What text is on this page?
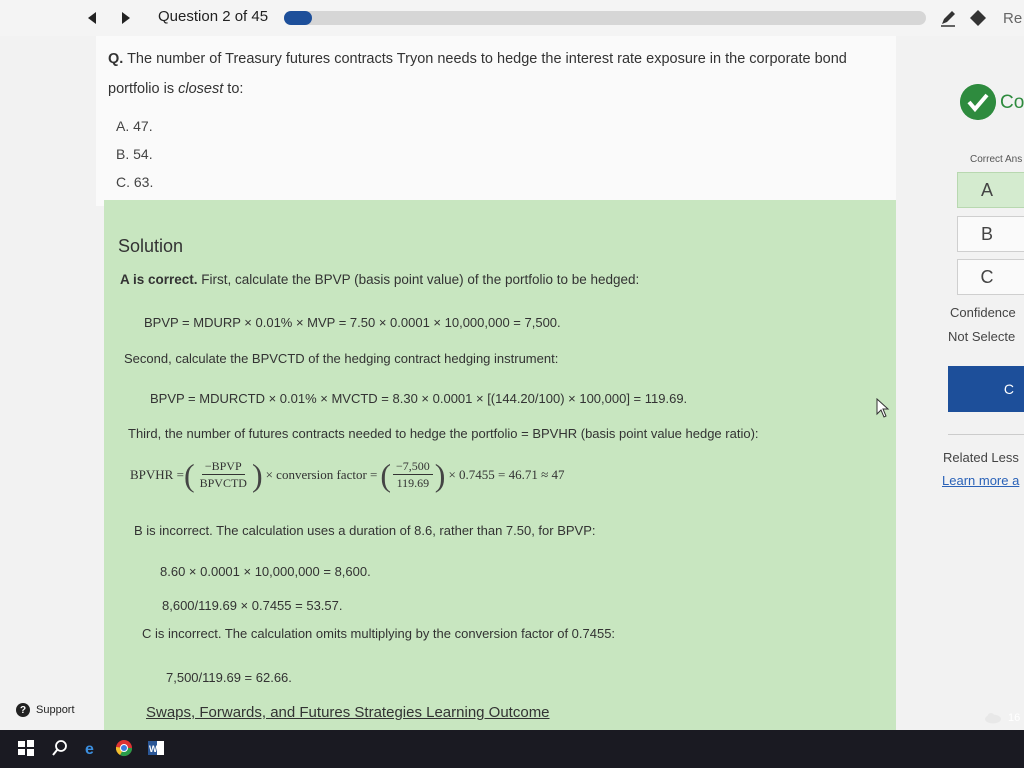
Question 2 of 45	Re

Q. The number of Treasury futures contracts Tryon needs to hedge the interest rate exposure in the corporate bond portfolio is closest to:

A. 47.
B. 54.
C. 63.
Solution
A is correct. First, calculate the BPVP (basis point value) of the portfolio to be hedged:
BPVP = MDURP × 0.01% × MVP = 7.50 × 0.0001 × 10,000,000 = 7,500.
Second, calculate the BPVCTD of the hedging contract hedging instrument:
BPVP = MDURCTD × 0.01% × MVCTD = 8.30 × 0.0001 × [(144.20/100) × 100,000] = 119.69.
Third, the number of futures contracts needed to hedge the portfolio = BPVHR (basis point value hedge ratio):
BPVHR = ( $\frac{\text{−BPVP}}{\text{BPVCTD}}$ ) × conversion factor = ( $\frac{-7,500}{119.69}$ ) × 0.7455 = 46.71 ≈ 47
B is incorrect. The calculation uses a duration of 8.6, rather than 7.50, for BPVP:
8.60 × 0.0001 × 10,000,000 = 8,600.
8,600/119.69 × 0.7455 = 53.57.
C is incorrect. The calculation omits multiplying by the conversion factor of 0.7455:
7,500/119.69 = 62.66.
Swaps, Forwards, and Futures Strategies Learning Outcome
Co
Correct Ans
A
B
C
Confidence
Not Selecte
C
Related Less
Learn more a
? Support
e	W
16
